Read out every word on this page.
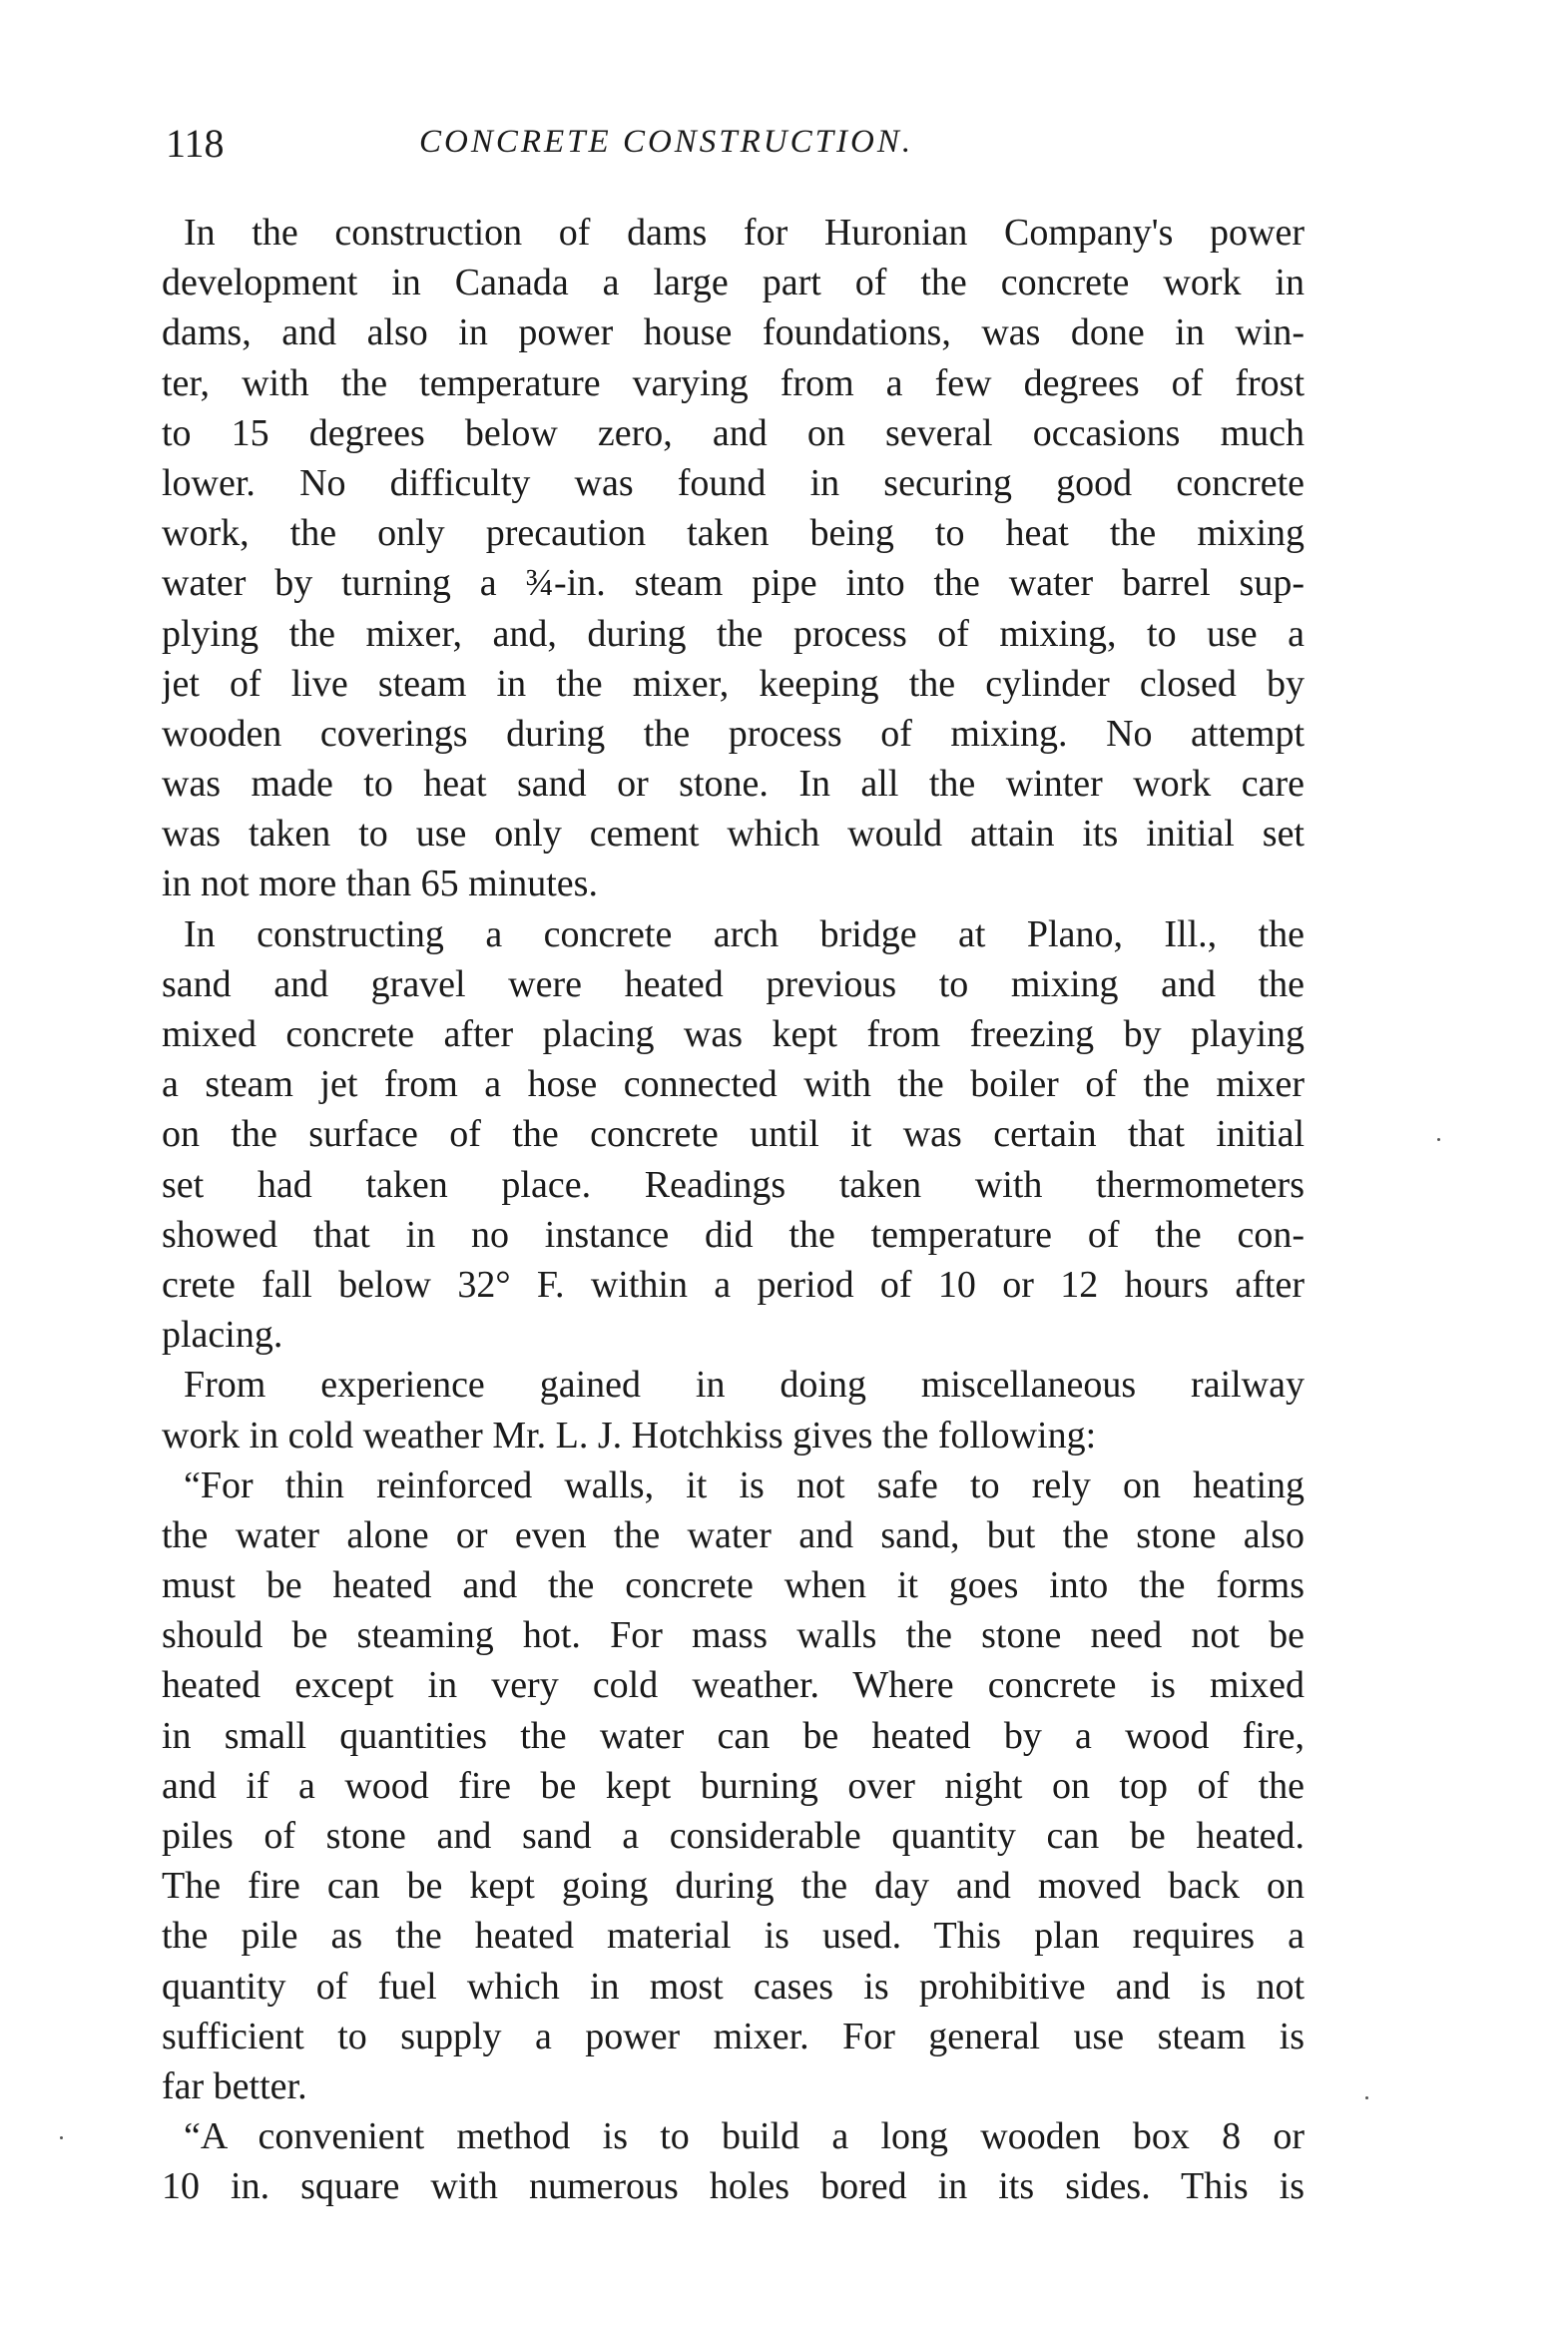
118	CONCRETE CONSTRUCTION.
In the construction of dams for Huronian Company's power
development in Canada a large part of the concrete work in
dams, and also in power house foundations, was done in win-
ter, with the temperature varying from a few degrees of frost
to 15 degrees below zero, and on several occasions much
lower. No difficulty was found in securing good concrete
work, the only precaution taken being to heat the mixing
water by turning a ¾-in. steam pipe into the water barrel sup-
plying the mixer, and, during the process of mixing, to use a
jet of live steam in the mixer, keeping the cylinder closed by
wooden coverings during the process of mixing. No attempt
was made to heat sand or stone. In all the winter work care
was taken to use only cement which would attain its initial set
in not more than 65 minutes.
In constructing a concrete arch bridge at Plano, Ill., the
sand and gravel were heated previous to mixing and the
mixed concrete after placing was kept from freezing by playing
a steam jet from a hose connected with the boiler of the mixer
on the surface of the concrete until it was certain that initial
set had taken place. Readings taken with thermometers
showed that in no instance did the temperature of the con-
crete fall below 32° F. within a period of 10 or 12 hours after
placing.
From experience gained in doing miscellaneous railway
work in cold weather Mr. L. J. Hotchkiss gives the following:
“For thin reinforced walls, it is not safe to rely on heating
the water alone or even the water and sand, but the stone also
must be heated and the concrete when it goes into the forms
should be steaming hot. For mass walls the stone need not be
heated except in very cold weather. Where concrete is mixed
in small quantities the water can be heated by a wood fire,
and if a wood fire be kept burning over night on top of the
piles of stone and sand a considerable quantity can be heated.
The fire can be kept going during the day and moved back on
the pile as the heated material is used. This plan requires a
quantity of fuel which in most cases is prohibitive and is not
sufficient to supply a power mixer. For general use steam is
far better.
“A convenient method is to build a long wooden box 8 or
10 in. square with numerous holes bored in its sides. This is
